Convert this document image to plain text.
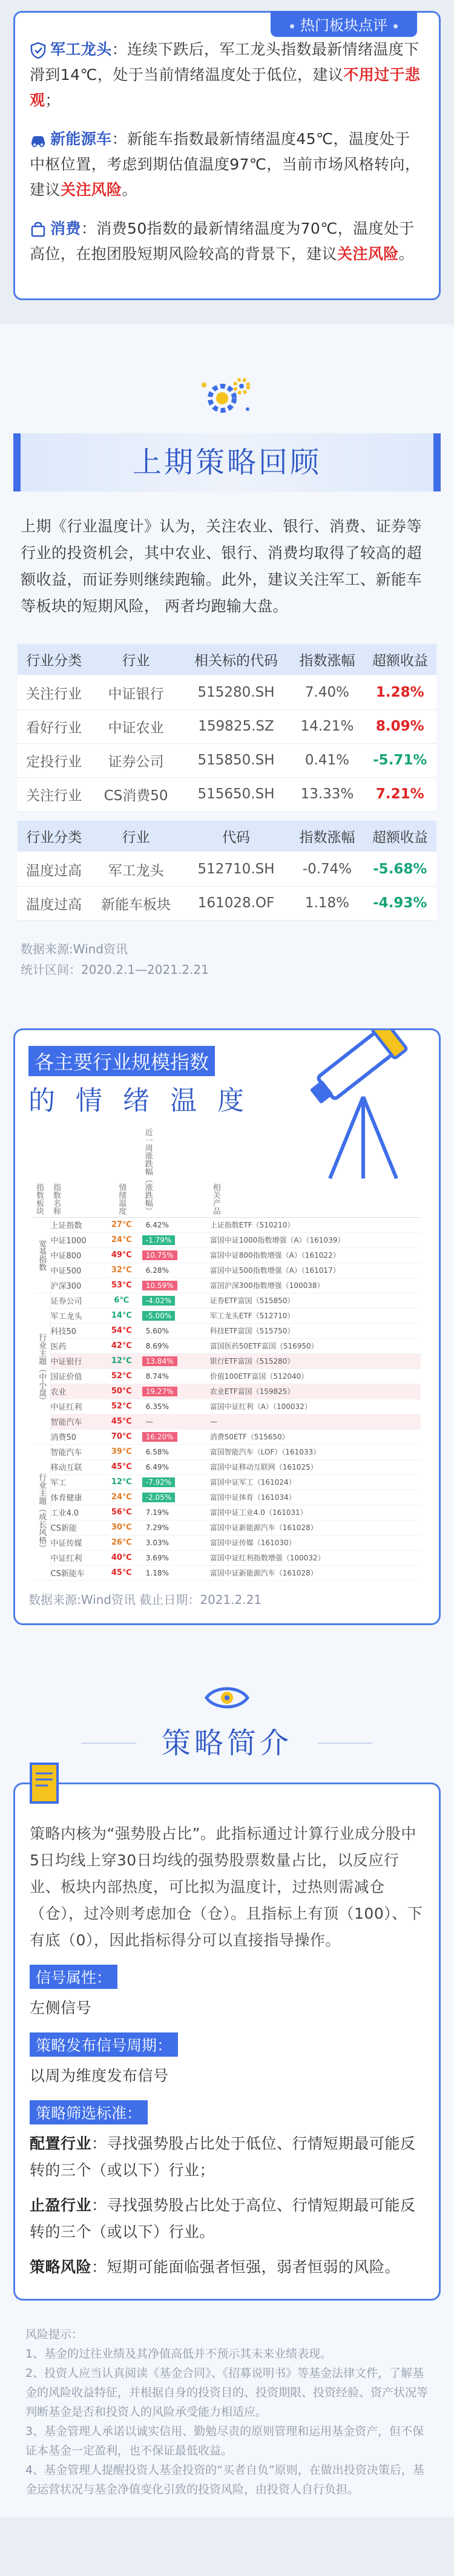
热门板块点评
军工龙头：连续下跌后，军工龙头指数最新情绪温度下滑到14℃，处于当前情绪温度处于低位，建议不用过于悲观；
新能源车：新能车指数最新情绪温度45℃，温度处于中枢位置，考虑到期估值温度97℃，当前市场风格转向，建议关注风险。
消费：消费50指数的最新情绪温度为70℃，温度处于高位，在抱团股短期风险较高的背景下，建议关注风险。
上期策略回顾

上期《行业温度计》认为，关注农业、银行、消费、证券等行业的投资机会，其中农业、银行、消费均取得了较高的超额收益，而证券则继续跑输。此外，建议关注军工、新能车等板块的短期风险， 两者均跑输大盘。

行业分类	行业	相关标的代码	指数涨幅	超额收益
关注行业	中证银行	515280.SH	7.40%	1.28%
看好行业	中证农业	159825.SZ	14.21%	8.09%
定投行业	证券公司	515850.SH	0.41%	-5.71%
关注行业	CS消费50	515650.SH	13.33%	7.21%

行业分类	行业	代码	指数涨幅	超额收益
温度过高	军工龙头	512710.SH	-0.74%	-5.68%
温度过高	新能车板块	161028.OF	1.18%	-4.93%
数据来源:Wind资讯
统计区间：2020.2.1—2021.2.21
各主要行业规模指数
的 情 绪 温 度
指数板块	指数名称	情绪温度	近一周涨跌幅（涨跌幅）	相关产品
宽基指数	上证指数	27℃	6.42%	上证指数ETF（510210）
	中证1000	24℃	-1.79%	富国中证1000指数增强（A）（161039）
	中证800	49℃	10.75%	富国中证800指数增强（A）（161022）
	中证500	32℃	6.28%	富国中证500指数增强（A）（161017）
	沪深300	53℃	10.59%	富国沪深300指数增强（100038）
行业主题（中小盘）	证券公司	6℃	-4.02%	证券ETF富国（515850）
	军工龙头	14℃	-5.00%	军工龙头ETF（512710）
	科技50	54℃	5.60%	科技ETF富国（515750）
	医药	42℃	8.69%	富国医药50ETF富国（516950）
	中证银行	12℃	13.84%	银行ETF富国（515280）
	国证价值	52℃	8.74%	价值100ETF富国（512040）
	农业	50℃	19.27%	农业ETF富国（159825）
	中证红利	52℃	6.35%	富国中证红利（A）（100032）
	智能汽车	45℃	—	—
	消费50	70℃	16.20%	消费50ETF（515650）
行业主题（成长风格）	智能汽车	39℃	6.58%	富国智能汽车（LOF）（161033）
	移动互联	45℃	6.49%	富国中证移动互联网（161025）
	军工	12℃	-7.92%	富国中证军工（161024）
	体育健康	24℃	-2.05%	富国中证体育（161034）
	工业4.0	56℃	7.19%	富国中证工业4.0（161031）
	CS新能	30℃	7.29%	富国中证新能源汽车（161028）
	中证传媒	26℃	3.03%	富国中证传媒（161030）
	中证红利	40℃	3.69%	富国中证红利指数增强（100032）
	CS新能车	45℃	1.18%	富国中证新能源汽车（161028）
数据来源:Wind资讯 截止日期：2021.2.21
策略简介

策略内核为“强势股占比”。此指标通过计算行业成分股中5日均线上穿30日均线的强势股票数量占比，以反应行业、板块内部热度，可比拟为温度计，过热则需减仓（仓），过冷则考虑加仓（仓）。且指标上有顶（100）、下有底（0），因此指标得分可以直接指导操作。

信号属性：

左侧信号

策略发布信号周期：

以周为维度发布信号

策略筛选标准：

配置行业：寻找强势股占比处于低位、行情短期最可能反转的三个（或以下）行业；

止盈行业：寻找强势股占比处于高位、行情短期最可能反转的三个（或以下）行业。

策略风险：短期可能面临强者恒强，弱者恒弱的风险。

风险提示：
1、基金的过往业绩及其净值高低并不预示其未来业绩表现。
2、投资人应当认真阅读《基金合同》、《招募说明书》等基金法律文件，了解基金的风险收益特征，并根据自身的投资目的、投资期限、投资经验、资产状况等判断基金是否和投资人的风险承受能力相适应。
3、基金管理人承诺以诚实信用、勤勉尽责的原则管理和运用基金资产，但不保证本基金一定盈利，也不保证最低收益。
4、基金管理人提醒投资人基金投资的“买者自负”原则，在做出投资决策后，基金运营状况与基金净值变化引致的投资风险，由投资人自行负担。
